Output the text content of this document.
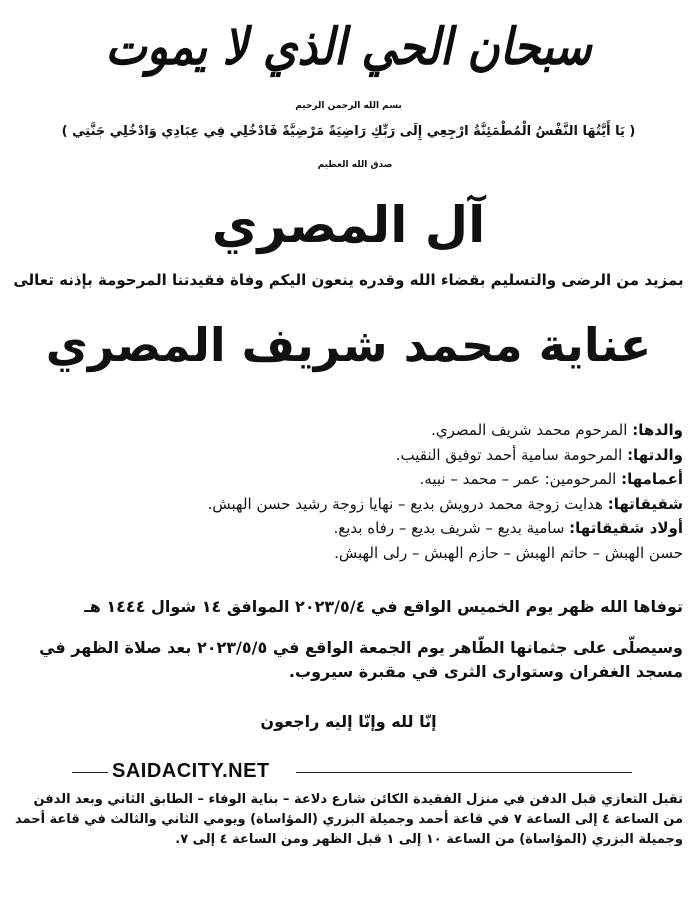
سبحان الحي الذي لا يموت
بسم الله الرحمن الرحيم
( يَا أَيَّتُهَا النَّفْسُ الْمُطْمَئِنَّةُ ارْجِعِي إِلَى رَبِّكِ رَاضِيَةً مَرْضِيَّةً فَادْخُلِي فِي عِبَادِي وَادْخُلِي جَنَّتِي )
صدق الله العظيم
آل المصري
بمزيد من الرضى والتسليم بقضاء الله وقدره ينعون اليكم وفاة فقيدتنا المرحومة بإذنه تعالى
عناية محمد شريف المصري
والدها: المرحوم محمد شريف المصري.
والدتها: المرحومة سامية أحمد توفيق النقيب.
أعمامها: المرحومين: عمر – محمد – نبيه.
شقيقاتها: هدايت زوجة محمد درويش بديع – نهايا زوجة رشيد حسن الهبش.
أولاد شقيقاتها: سامية بديع – شريف بديع – رفاه بديع.
حسن الهبش – حاتم الهبش – حازم الهبش – رلى الهبش.
توفاها الله ظهر يوم الخميس الواقع في ٢٠٢٣/٥/٤ الموافق ١٤ شوال ١٤٤٤ هـ
وسيصلّى على جثمانها الطّاهر يوم الجمعة الواقع في ٢٠٢٣/٥/٥ بعد صلاة الظهر في مسجد الغفران وستوارى الثرى في مقبرة سيروب.
إنّا لله وإنّا إليه راجعون
SAIDACITY.NET
تقبل التعازي قبل الدفن في منزل الفقيدة الكائن شارع دلاعة – بناية الوفاء – الطابق الثاني وبعد الدفن من الساعة ٤ إلى الساعة ٧ في قاعة أحمد وجميلة البزري (المؤاساة) ويومي الثاني والثالث في قاعة أحمد وجميلة البزري (المؤاساة) من الساعة ١٠ إلى ١ قبل الظهر ومن الساعة ٤ إلى ٧.
